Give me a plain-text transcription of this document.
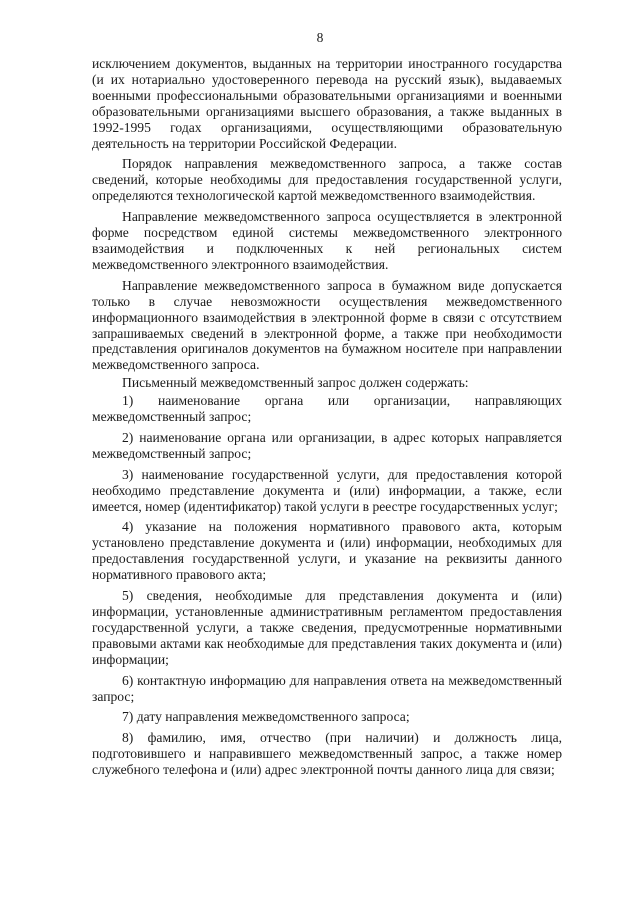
8

исключением документов, выданных на территории иностранного государства (и их нотариально удостоверенного перевода на русский язык), выдаваемых военными профессиональными образовательными организациями и военными образовательными организациями высшего образования, а также выданных в 1992-1995 годах организациями, осуществляющими образовательную деятельность на территории Российской Федерации.

Порядок направления межведомственного запроса, а также состав сведений, которые необходимы для предоставления государственной услуги, определяются технологической картой межведомственного взаимодействия.

Направление межведомственного запроса осуществляется в электронной форме посредством единой системы межведомственного электронного взаимодействия и подключенных к ней региональных систем межведомственного электронного взаимодействия.

Направление межведомственного запроса в бумажном виде допускается только в случае невозможности осуществления межведомственного информационного взаимодействия в электронной форме в связи с отсутствием запрашиваемых сведений в электронной форме, а также при необходимости представления оригиналов документов на бумажном носителе при направлении межведомственного запроса.

Письменный межведомственный запрос должен содержать:

1) наименование органа или организации, направляющих межведомственный запрос;

2) наименование органа или организации, в адрес которых направляется межведомственный запрос;

3) наименование государственной услуги, для предоставления которой необходимо представление документа и (или) информации, а также, если имеется, номер (идентификатор) такой услуги в реестре государственных услуг;

4) указание на положения нормативного правового акта, которым установлено представление документа и (или) информации, необходимых для предоставления государственной услуги, и указание на реквизиты данного нормативного правового акта;

5) сведения, необходимые для представления документа и (или) информации, установленные административным регламентом предоставления государственной услуги, а также сведения, предусмотренные нормативными правовыми актами как необходимые для представления таких документа и (или) информации;

6) контактную информацию для направления ответа на межведомственный запрос;

7) дату направления межведомственного запроса;

8) фамилию, имя, отчество (при наличии) и должность лица, подготовившего и направившего межведомственный запрос, а также номер служебного телефона и (или) адрес электронной почты данного лица для связи;
